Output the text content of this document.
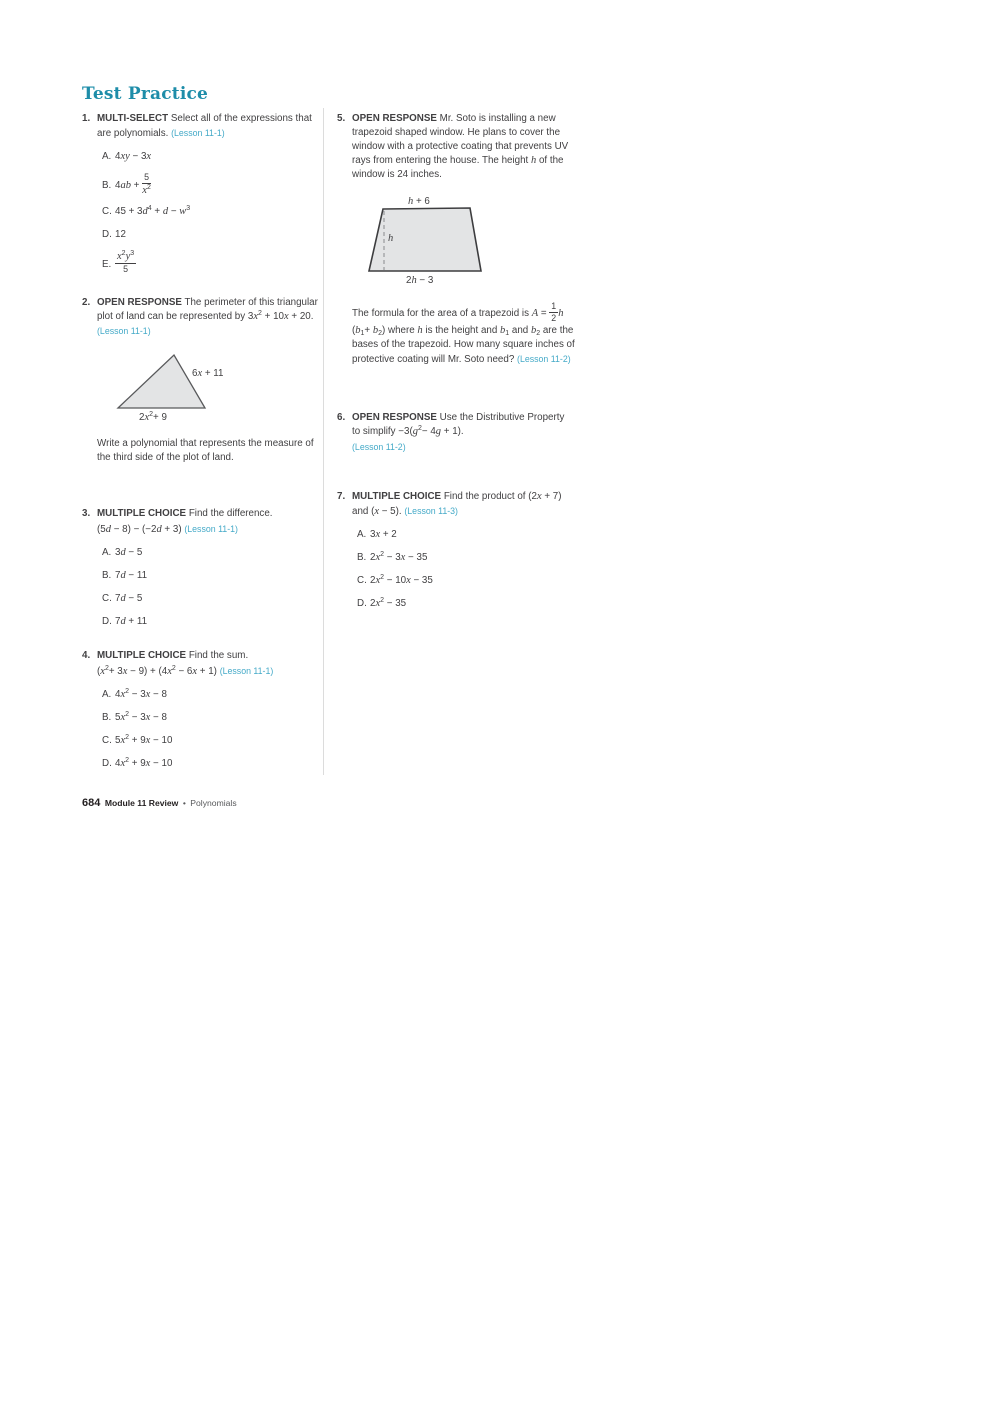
Test Practice
1. MULTI-SELECT Select all of the expressions that are polynomials. (Lesson 11-1)
A. 4xy − 3x
B. $4ab + \frac{5}{x^2}$
C. $45 + 3d^4 + d - w^3$
D. 12
E. $\frac{x^2y^3}{5}$
2. OPEN RESPONSE The perimeter of this triangular plot of land can be represented by $3x^2 + 10x + 20$. (Lesson 11-1)
6x + 11
$2x^2+ 9$
Write a polynomial that represents the measure of the third side of the plot of land.
3. MULTIPLE CHOICE Find the difference.
(5d − 8) − (−2d + 3) (Lesson 11-1)
A. 3d − 5
B. 7d − 11
C. 7d − 5
D. 7d + 11
4. MULTIPLE CHOICE Find the sum.
$(x^2+ 3x - 9) + (4x^2 - 6x + 1)$ (Lesson 11-1)
A. $4x^2 - 3x - 8$
B. $5x^2 - 3x - 8$
C. $5x^2 + 9x - 10$
D. $4x^2 + 9x - 10$
5. OPEN RESPONSE Mr. Soto is installing a new trapezoid shaped window. He plans to cover the window with a protective coating that prevents UV rays from entering the house. The height h of the window is 24 inches.
h + 6
h
2h − 3
The formula for the area of a trapezoid is $A = \frac{1}{2}$ h $(b_1+ b_2)$ where h is the height and $b_1$ and $b_2$ are the bases of the trapezoid. How many square inches of protective coating will Mr. Soto need? (Lesson 11-2)
6. OPEN RESPONSE Use the Distributive Property to simplify $-3(g^2- 4g + 1)$.
(Lesson 11-2)
7. MULTIPLE CHOICE Find the product of (2x + 7) and (x − 5). (Lesson 11-3)
A. 3x + 2
B. $2x^2 - 3x - 35$
C. $2x^2 - 10x - 35$
D. $2x^2 - 35$
684 Module 11 Review • Polynomials
